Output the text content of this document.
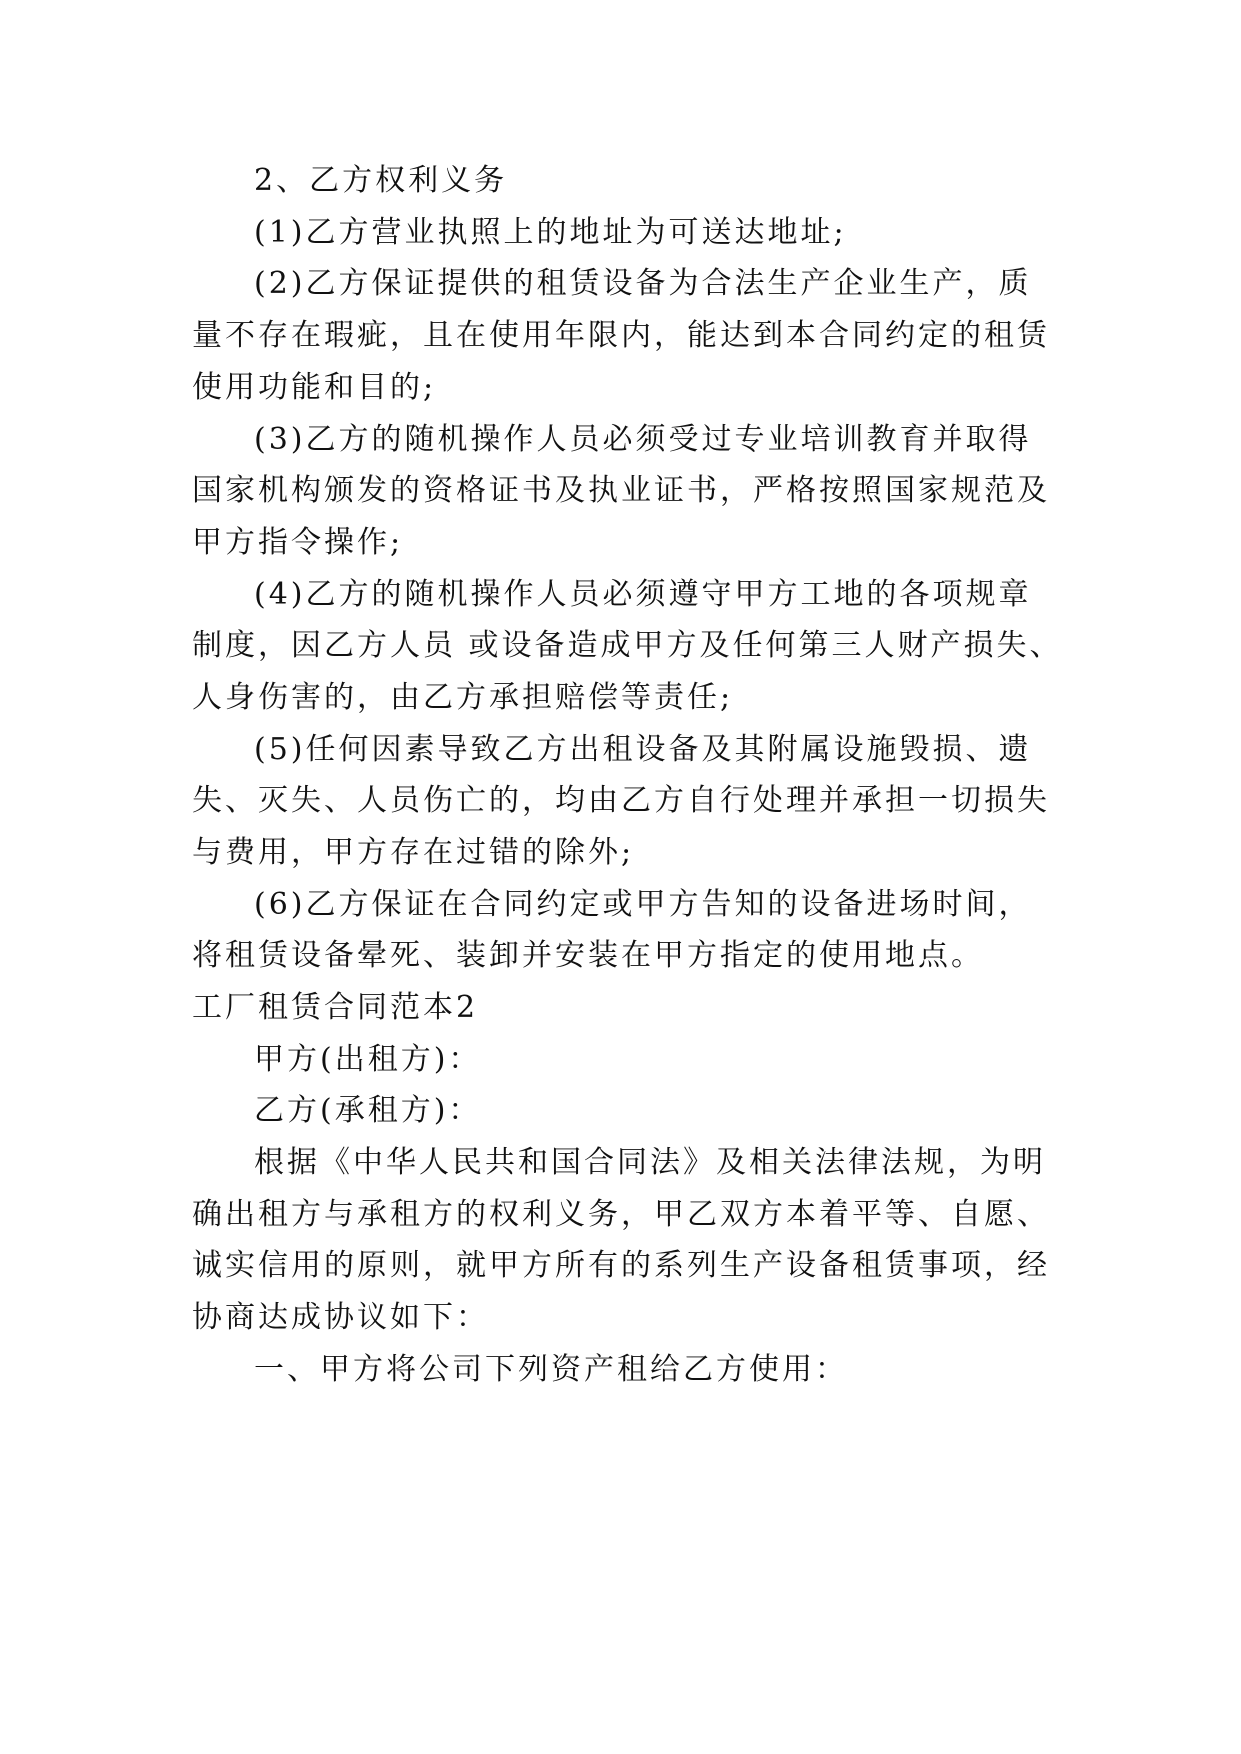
2、乙方权利义务
(1)乙方营业执照上的地址为可送达地址;
(2)乙方保证提供的租赁设备为合法生产企业生产，质
量不存在瑕疵，且在使用年限内，能达到本合同约定的租赁
使用功能和目的;
(3)乙方的随机操作人员必须受过专业培训教育并取得
国家机构颁发的资格证书及执业证书，严格按照国家规范及
甲方指令操作;
(4)乙方的随机操作人员必须遵守甲方工地的各项规章
制度，因乙方人员 或设备造成甲方及任何第三人财产损失、
人身伤害的，由乙方承担赔偿等责任;
(5)任何因素导致乙方出租设备及其附属设施毁损、遗
失、灭失、人员伤亡的，均由乙方自行处理并承担一切损失
与费用，甲方存在过错的除外;
(6)乙方保证在合同约定或甲方告知的设备进场时间，
将租赁设备晕死、装卸并安装在甲方指定的使用地点。
工厂租赁合同范本2
甲方(出租方)：
乙方(承租方)：
根据《中华人民共和国合同法》及相关法律法规，为明
确出租方与承租方的权利义务，甲乙双方本着平等、自愿、
诚实信用的原则，就甲方所有的系列生产设备租赁事项，经
协商达成协议如下：
一、甲方将公司下列资产租给乙方使用：
